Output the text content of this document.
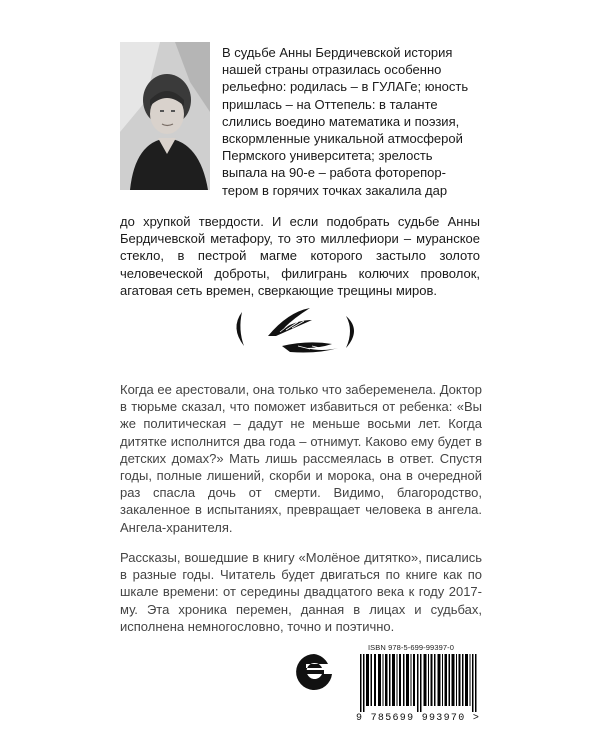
В судьбе Анны Бердичевской история
нашей страны отразилась особенно
рельефно: родилась – в ГУЛАГе; юность
пришлась – на Оттепель: в таланте
слились воедино математика и поэзия,
вскормленные уникальной атмосферой
Пермского университета; зрелость
выпала на 90-е – работа фоторепор-
тером в горячих точках закалила дар

до хрупкой твердости. И если подобрать судьбе Анны Бердичевской метафору, то это миллефиори – муранское стекло, в пестрой магме которого застыло золото человеческой доброты, филигрань колючих проволок, агатовая сеть времен, сверкающие трещины миров.

Когда ее арестовали, она только что забеременела. Доктор в тюрьме сказал, что поможет избавиться от ребенка: «Вы же политическая – дадут не меньше восьми лет. Когда дитятке исполнится два года – отнимут. Каково ему будет в детских домах?» Мать лишь рассмеялась в ответ. Спустя годы, полные лишений, скорби и морока, она в очередной раз спасла дочь от смерти. Видимо, благородство, закаленное в испытаниях, превращает человека в ангела. Ангела-хранителя.

Рассказы, вошедшие в книгу «Молёное дитятко», писались в разные годы. Читатель будет двигаться по книге как по шкале времени: от середины двадцатого века к году 2017-му. Эта хроника перемен, данная в лицах и судьбах, исполнена немногословно, точно и поэтично.

ISBN 978-5-699-99397-0
9 785699 993970 >
